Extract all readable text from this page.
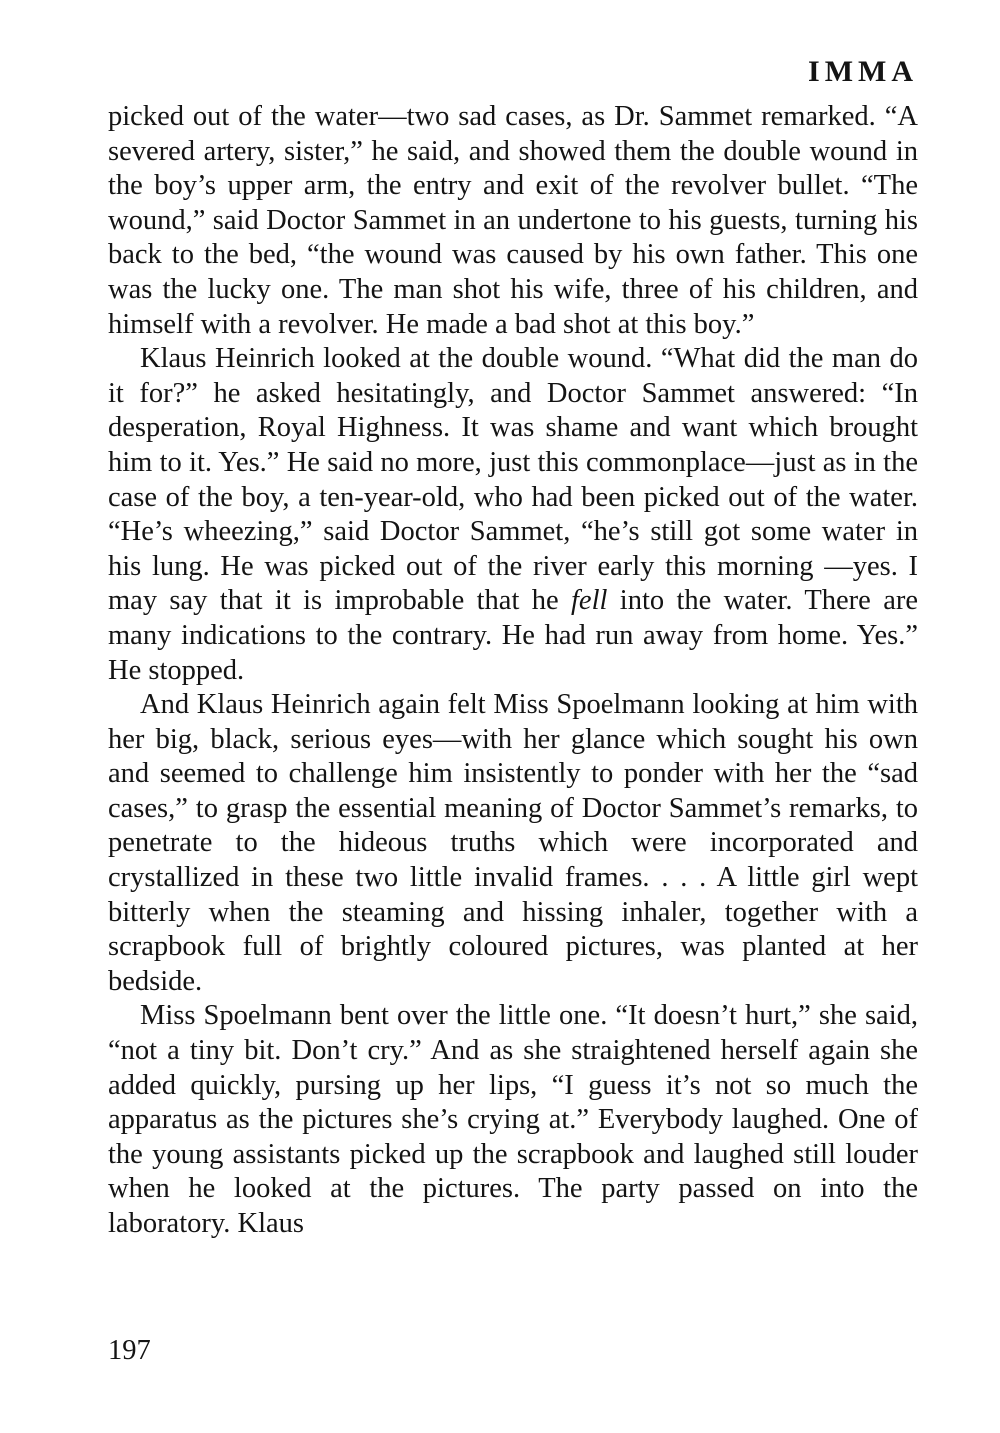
IMMA

picked out of the water—two sad cases, as Dr. Sammet remarked. “A severed artery, sister,” he said, and showed them the double wound in the boy’s upper arm, the entry and exit of the revolver bullet. “The wound,” said Doctor Sammet in an undertone to his guests, turning his back to the bed, “the wound was caused by his own father. This one was the lucky one. The man shot his wife, three of his children, and himself with a revolver. He made a bad shot at this boy.”

Klaus Heinrich looked at the double wound. “What did the man do it for?” he asked hesitatingly, and Doctor Sammet answered: “In desperation, Royal Highness. It was shame and want which brought him to it. Yes.” He said no more, just this commonplace—just as in the case of the boy, a ten-year-old, who had been picked out of the water. “He’s wheezing,” said Doctor Sammet, “he’s still got some water in his lung. He was picked out of the river early this morning —yes. I may say that it is improbable that he fell into the water. There are many indications to the contrary. He had run away from home. Yes.” He stopped.

And Klaus Heinrich again felt Miss Spoelmann looking at him with her big, black, serious eyes—with her glance which sought his own and seemed to challenge him insistently to ponder with her the “sad cases,” to grasp the essential meaning of Doctor Sammet’s remarks, to penetrate to the hideous truths which were incorporated and crystallized in these two little invalid frames. . . . A little girl wept bitterly when the steaming and hissing inhaler, together with a scrapbook full of brightly coloured pictures, was planted at her bedside.

Miss Spoelmann bent over the little one. “It doesn’t hurt,” she said, “not a tiny bit. Don’t cry.” And as she straightened herself again she added quickly, pursing up her lips, “I guess it’s not so much the apparatus as the pictures she’s crying at.” Everybody laughed. One of the young assistants picked up the scrapbook and laughed still louder when he looked at the pictures. The party passed on into the laboratory. Klaus

197
